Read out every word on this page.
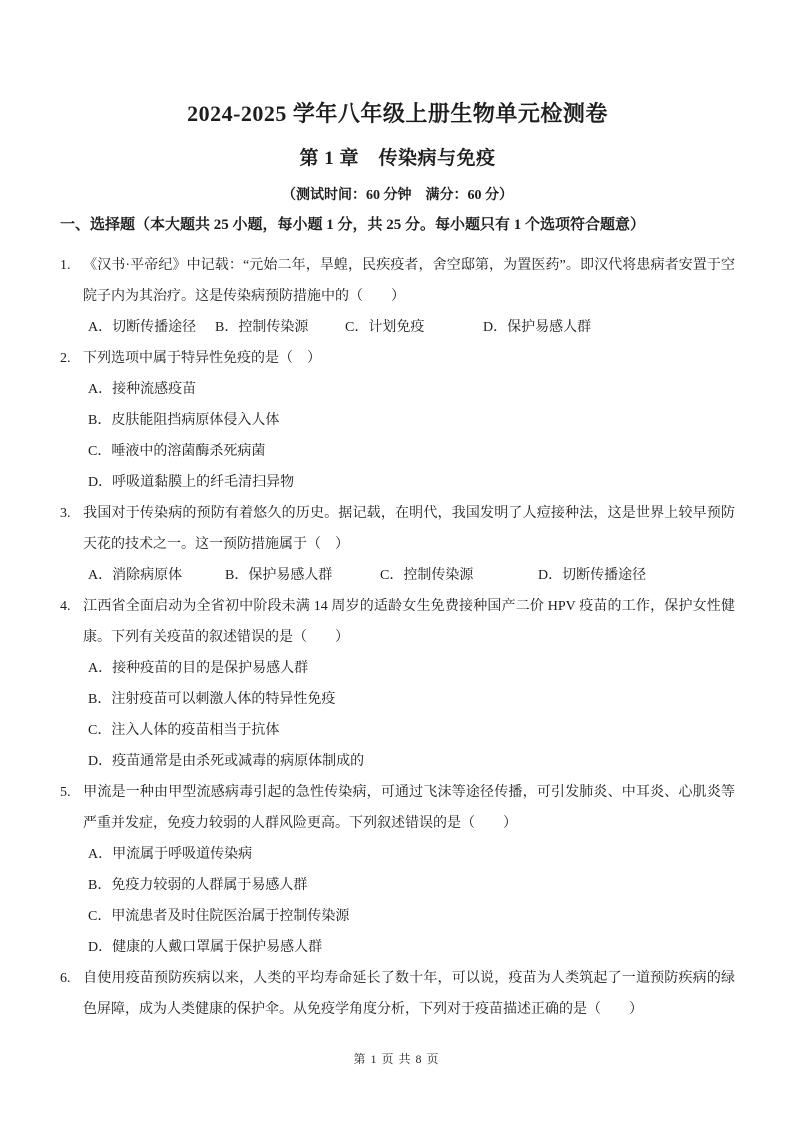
2024-2025 学年八年级上册生物单元检测卷
第 1 章　传染病与免疫
（测试时间：60 分钟　满分：60 分）
一、选择题（本大题共 25 小题，每小题 1 分，共 25 分。每小题只有 1 个选项符合题意）

1. 《汉书·平帝纪》中记载：“元始二年，旱蝗，民疾疫者，舍空邸第，为置医药”。即汉代将患病者安置于空院子内为其治疗。这是传染病预防措施中的（　　）

A．切断传播途径 B．控制传染源	C．计划免疫	D．保护易感人群

2. 下列选项中属于特异性免疫的是（　）

A．接种流感疫苗

B．皮肤能阻挡病原体侵入人体

C．唾液中的溶菌酶杀死病菌

D．呼吸道黏膜上的纤毛清扫异物

3. 我国对于传染病的预防有着悠久的历史。据记载，在明代，我国发明了人痘接种法，这是世界上较早预防天花的技术之一。这一预防措施属于（　）

A．消除病原体	B．保护易感人群	C．控制传染源	D．切断传播途径

4. 江西省全面启动为全省初中阶段未满 14 周岁的适龄女生免费接种国产二价 HPV 疫苗的工作，保护女性健康。下列有关疫苗的叙述错误的是（　　）

A．接种疫苗的目的是保护易感人群

B．注射疫苗可以刺激人体的特异性免疫

C．注入人体的疫苗相当于抗体

D．疫苗通常是由杀死或减毒的病原体制成的

5. 甲流是一种由甲型流感病毒引起的急性传染病，可通过飞沫等途径传播，可引发肺炎、中耳炎、心肌炎等严重并发症，免疫力较弱的人群风险更高。下列叙述错误的是（　　）

A．甲流属于呼吸道传染病

B．免疫力较弱的人群属于易感人群

C．甲流患者及时住院医治属于控制传染源

D．健康的人戴口罩属于保护易感人群

6. 自使用疫苗预防疾病以来，人类的平均寿命延长了数十年，可以说，疫苗为人类筑起了一道预防疾病的绿色屏障，成为人类健康的保护伞。从免疫学角度分析，下列对于疫苗描述正确的是（　　）

第 1 页 共 8 页
